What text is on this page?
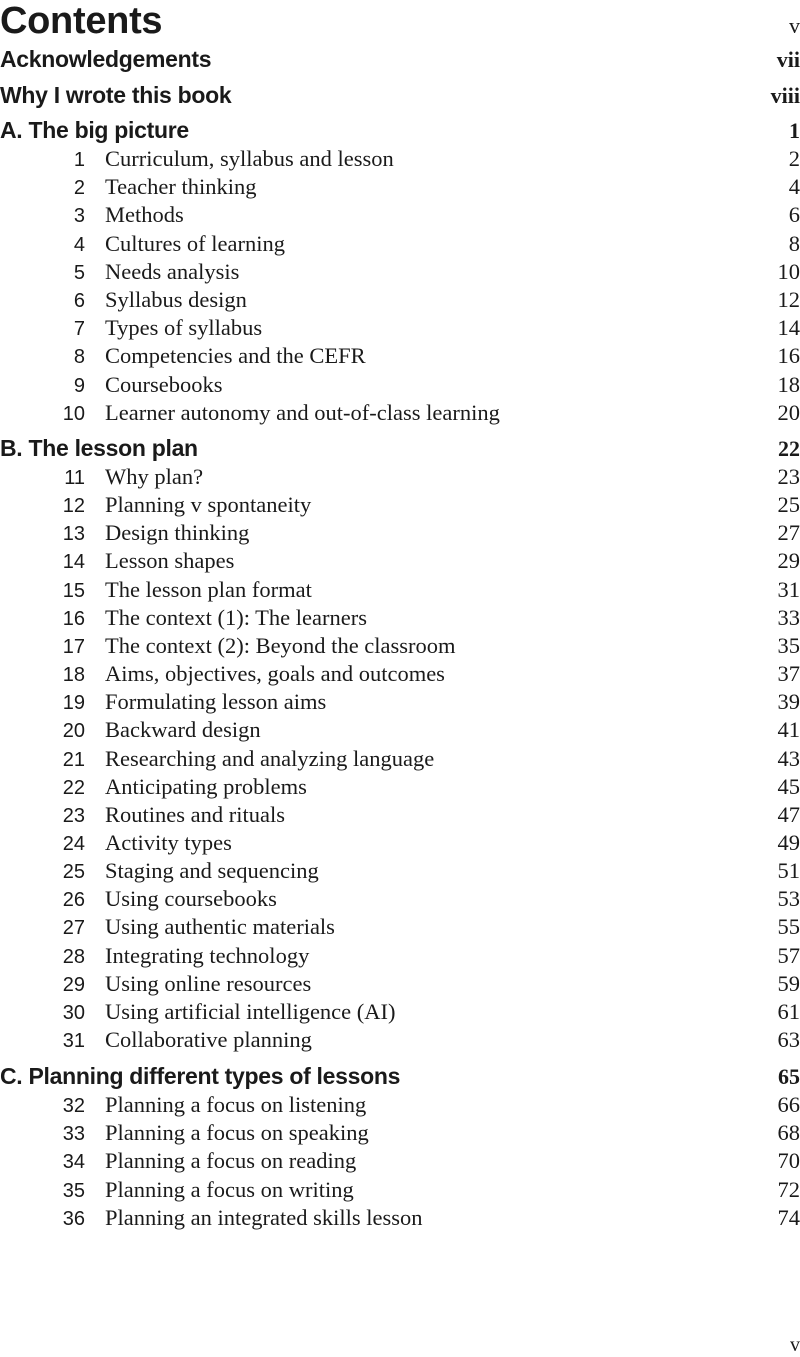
Contents	v
Acknowledgements	vii
Why I wrote this book	viii
A. The big picture	1
1 Curriculum, syllabus and lesson	2
2 Teacher thinking	4
3 Methods	6
4 Cultures of learning	8
5 Needs analysis	10
6 Syllabus design	12
7 Types of syllabus	14
8 Competencies and the CEFR	16
9 Coursebooks	18
10 Learner autonomy and out-of-class learning	20
B. The lesson plan	22
11 Why plan?	23
12 Planning v spontaneity	25
13 Design thinking	27
14 Lesson shapes	29
15 The lesson plan format	31
16 The context (1): The learners	33
17 The context (2): Beyond the classroom	35
18 Aims, objectives, goals and outcomes	37
19 Formulating lesson aims	39
20 Backward design	41
21 Researching and analyzing language	43
22 Anticipating problems	45
23 Routines and rituals	47
24 Activity types	49
25 Staging and sequencing	51
26 Using coursebooks	53
27 Using authentic materials	55
28 Integrating technology	57
29 Using online resources	59
30 Using artificial intelligence (AI)	61
31 Collaborative planning	63
C. Planning different types of lessons	65
32 Planning a focus on listening	66
33 Planning a focus on speaking	68
34 Planning a focus on reading	70
35 Planning a focus on writing	72
36 Planning an integrated skills lesson	74
v
